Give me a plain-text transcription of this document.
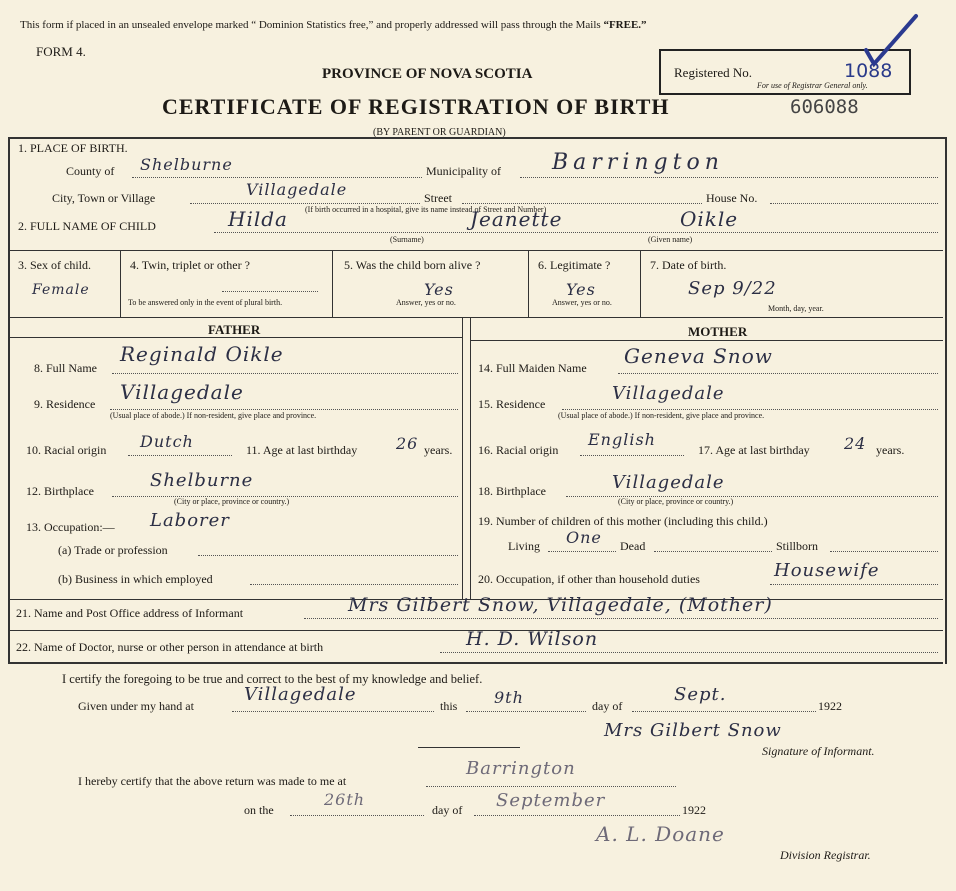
This form if placed in an unsealed envelope marked “ Dominion Statistics free,” and properly addressed will pass through the Mails “FREE.”
FORM 4.
PROVINCE OF NOVA SCOTIA
CERTIFICATE OF REGISTRATION OF BIRTH
(BY PARENT OR GUARDIAN)
606088
Registered No.	1088
For use of Registrar General only.
1. PLACE OF BIRTH.
County of Shelburne	Municipality of Barrington
City, Town or Village	Villagedale	Street	House No.
(If birth occurred in a hospital, give its name instead of Street and Number)
2. FULL NAME OF CHILD	Hilda	Jeanette	Oikle
(Surname)	(Given name)
3. Sex of child.
Female
4. Twin, triplet or other ?
To be answered only in the event of plural birth.
5. Was the child born alive ?
Yes
Answer, yes or no.
6. Legitimate ?
Yes
Answer, yes or no.
7. Date of birth.
Sep 9/22
Month, day, year.
FATHER	MOTHER
8. Full Name
Reginald Oikle
9. Residence Villagedale
(Usual place of abode.) If non-resident, give place and province.
10. Racial origin Dutch	11. Age at last birthday 26 years.
12. Birthplace	Shelburne
(City or place, province or country.)
13. Occupation:— Laborer
(a) Trade or profession
(b) Business in which employed
14. Full Maiden Name Geneva Snow
15. Residence	Villagedale
(Usual place of abode.) If non-resident, give place and province.
16. Racial origin
English
17. Age at last birthday 24 years.
18. Birthplace	Villagedale
(City or place, province or country.)
19. Number of children of this mother (including this child.)
Living One Dead	Stillborn
20. Occupation, if other than household duties	Housewife
21. Name and Post Office address of Informant	Mrs Gilbert Snow, Villagedale, (Mother)
22. Name of Doctor, nurse or other person in attendance at birth	H. D. Wilson
I certify the foregoing to be true and correct to the best of my knowledge and belief.
Given under my hand at
Villagedale
this 9th	day of
Sept.
1922
Mrs Gilbert Snow
Signature of Informant.
I hereby certify that the above return was made to me at
Barrington
on the
26th
day of September	1922
A. L. Doane
Division Registrar.
